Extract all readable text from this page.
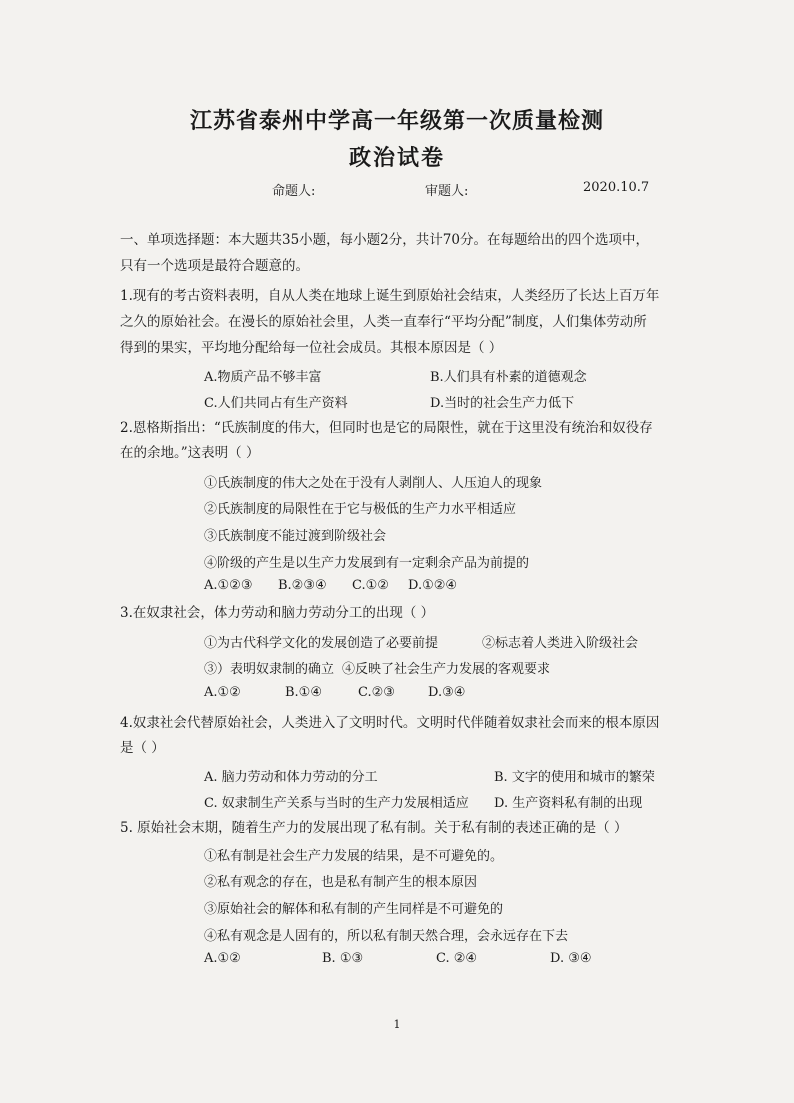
江苏省泰州中学高一年级第一次质量检测
政治试卷
命题人:	审题人:	2020.10.7
一、单项选择题：本大题共35小题，每小题2分，共计70分。在每题给出的四个选项中，
只有一个选项是最符合题意的。
1.现有的考古资料表明，自从人类在地球上诞生到原始社会结束，人类经历了长达上百万年
之久的原始社会。在漫长的原始社会里，人类一直奉行“平均分配”制度，人们集体劳动所
得到的果实，平均地分配给每一位社会成员。其根本原因是（ ）
A.物质产品不够丰富	B.人们具有朴素的道德观念
C.人们共同占有生产资料	D.当时的社会生产力低下
2.恩格斯指出：“氏族制度的伟大，但同时也是它的局限性，就在于这里没有统治和奴役存
在的余地。”这表明（ ）
①氏族制度的伟大之处在于没有人剥削人、人压迫人的现象
②氏族制度的局限性在于它与极低的生产力水平相适应
③氏族制度不能过渡到阶级社会
④阶级的产生是以生产力发展到有一定剩余产品为前提的
A.①②③ B.②③④ C.①② D.①②④
3.在奴隶社会，体力劳动和脑力劳动分工的出现（ ）
①为古代科学文化的发展创造了必要前提	②标志着人类进入阶级社会
③）表明奴隶制的确立 ④反映了社会生产力发展的客观要求
A.①②	B.①④	C.②③	D.③④
4.奴隶社会代替原始社会，人类进入了文明时代。文明时代伴随着奴隶社会而来的根本原因
是（ ）
A. 脑力劳动和体力劳动的分工	B. 文字的使用和城市的繁荣
C. 奴隶制生产关系与当时的生产力发展相适应 D. 生产资料私有制的出现
5. 原始社会末期，随着生产力的发展出现了私有制。关于私有制的表述正确的是（ ）
①私有制是社会生产力发展的结果，是不可避免的。
②私有观念的存在，也是私有制产生的根本原因
③原始社会的解体和私有制的产生同样是不可避免的
④私有观念是人固有的，所以私有制天然合理，会永远存在下去
A.①②	B. ①③	C. ②④	D. ③④
1
